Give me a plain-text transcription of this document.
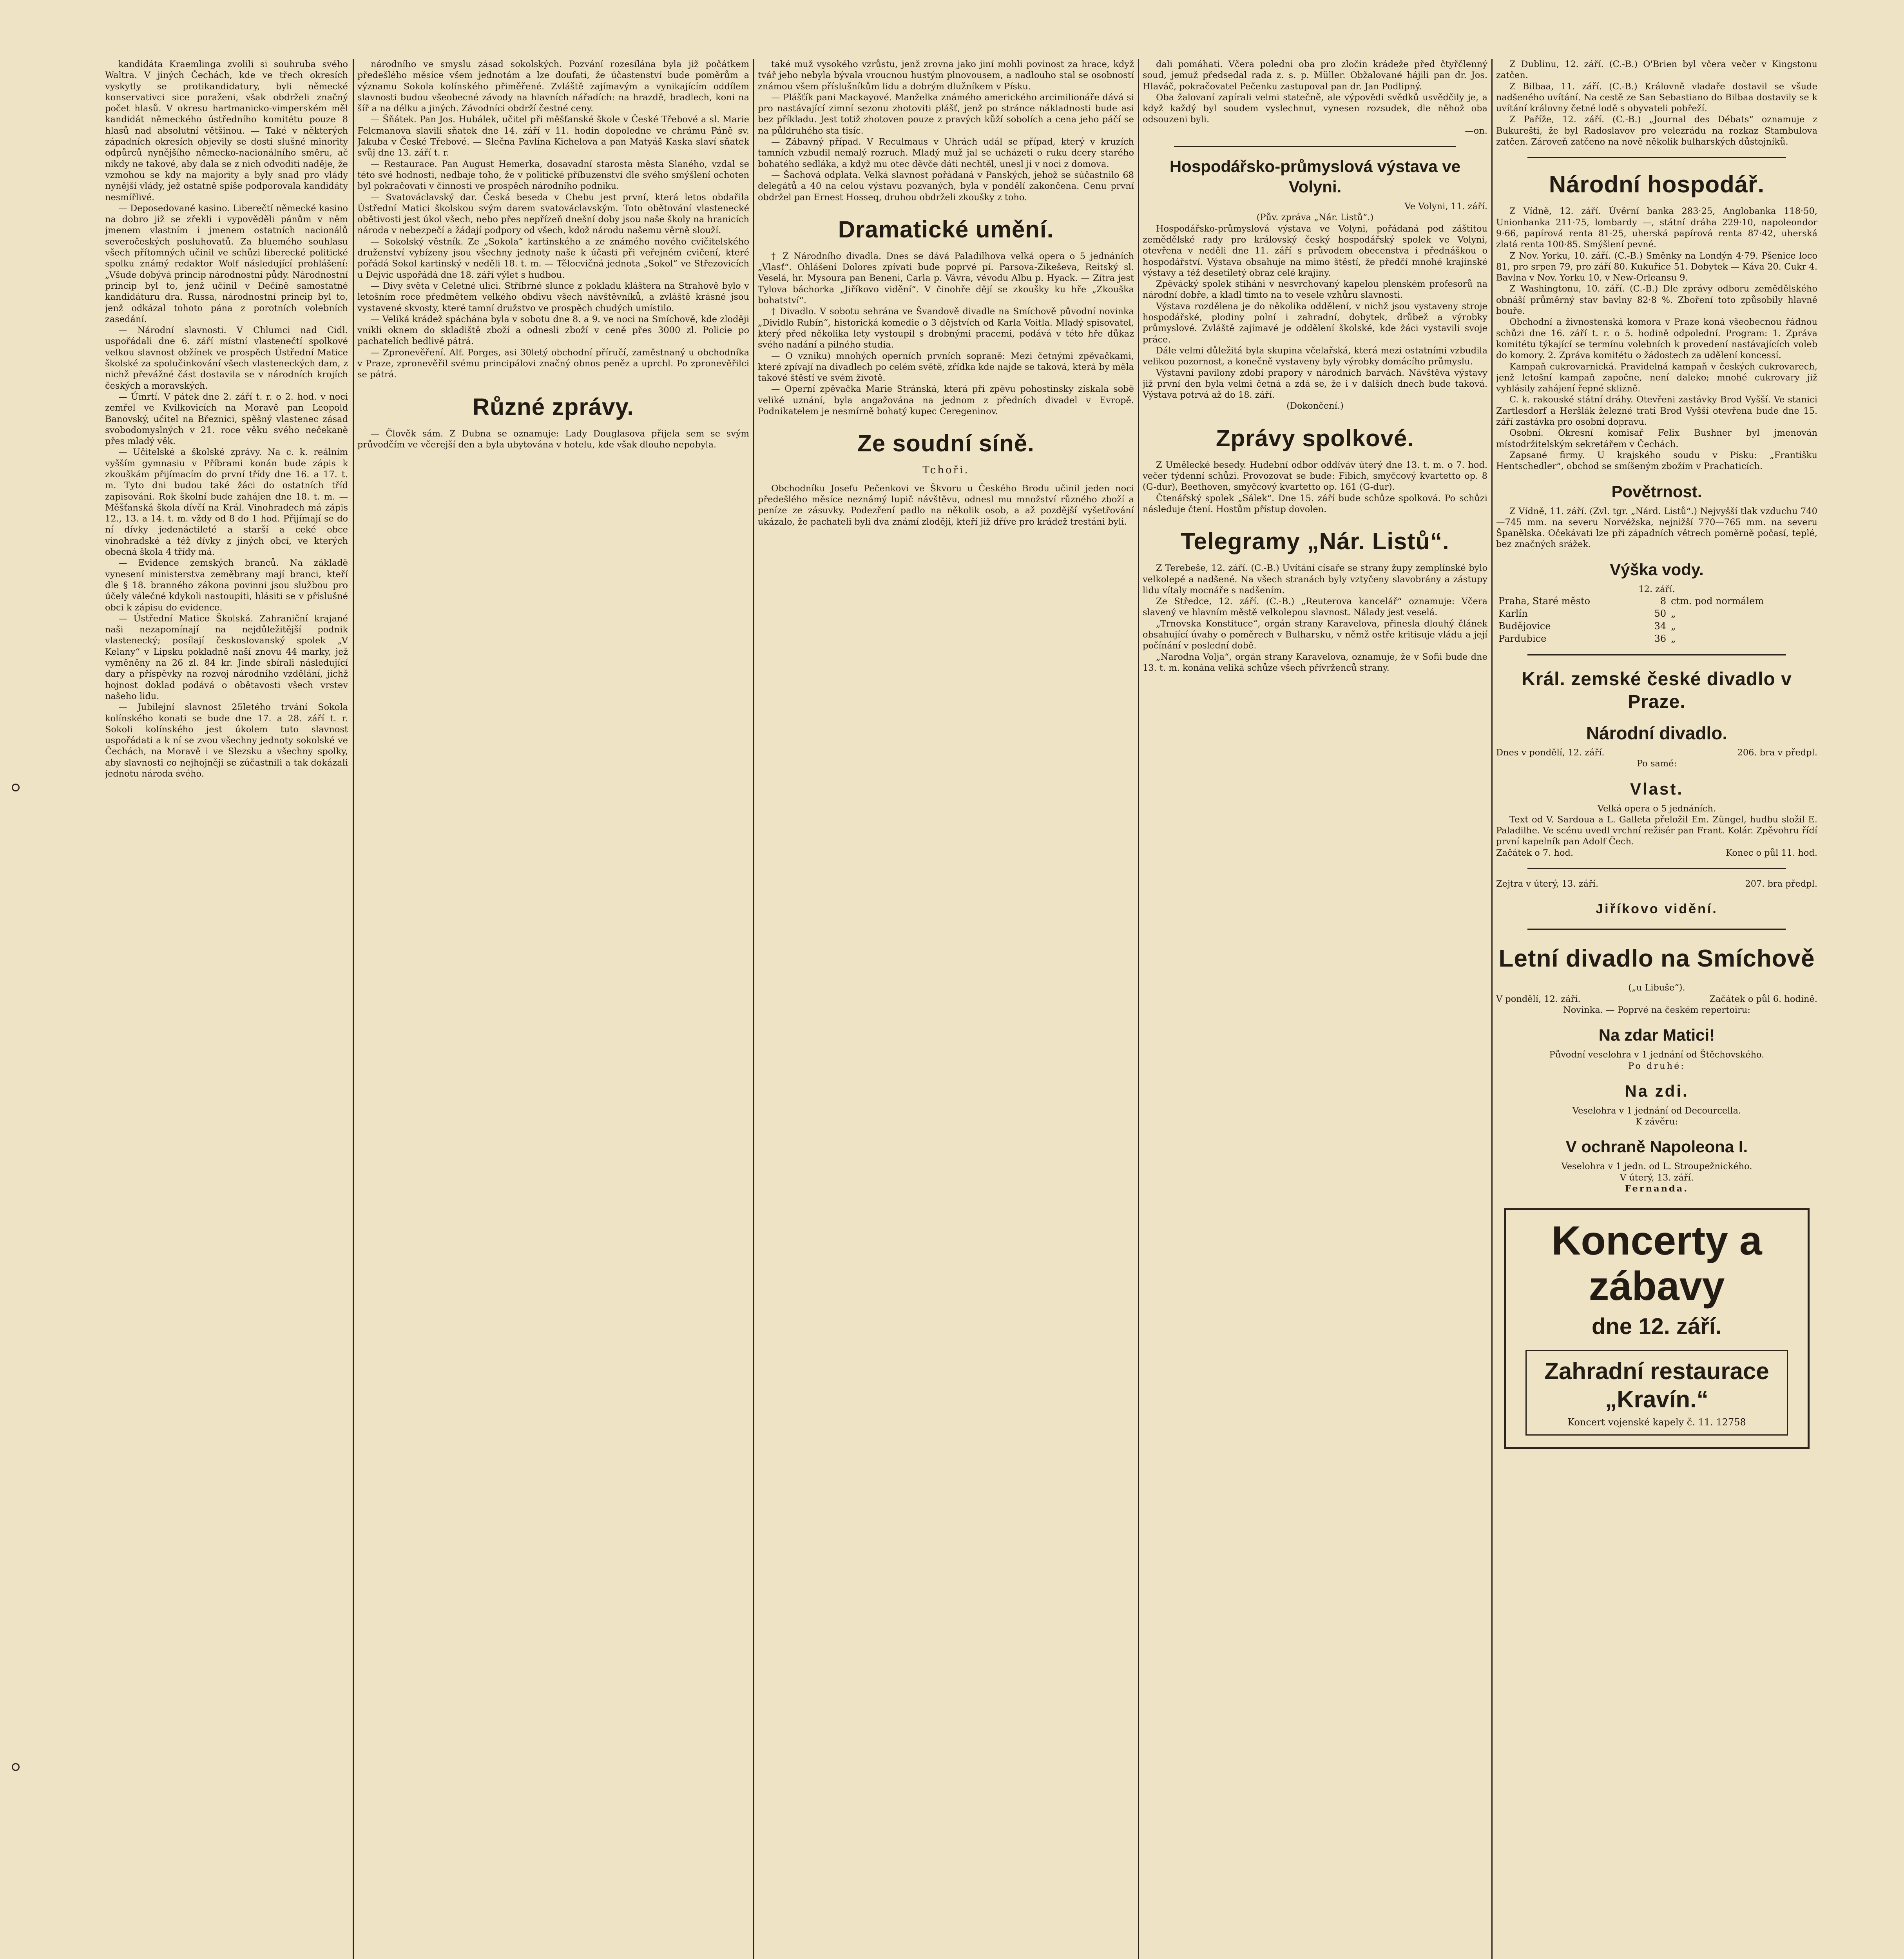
kandidáta Kraemlinga zvolili si souhruba svého Waltra. V jiných Čechách, kde ve třech okresích vyskytly se protikandidatury, byli německé konservativci sice poraženi, však obdrželi značný počet hlasů. V okresu hartmanicko-vimperském měl kandidát německého ústředního komitétu pouze 8 hlasů nad absolutní většinou. — Také v některých západních okresích objevily se dosti slušné minority odpůrců nynějšího německo-nacionálního směru, ač nikdy ne takové, aby dala se z nich odvoditi naděje, že vzmohou se kdy na majority a byly snad pro vlády nynější vlády, jež ostatně spíše podporovala kandidáty nesmířlivé.

— Deposedované kasino. Liberečtí německé kasino na dobro již se zřekli i vypověděli pánům v něm jmenem vlastním i jmenem ostatních nacionálů severočeských posluhovatů. Za bluemého souhlasu všech přítomných učinil ve schůzi liberecké politické spolku známý redaktor Wolf následující prohlášení: „Všude dobývá princip národnostní půdy. Národnostní princip byl to, jenž učinil v Dečíně samostatné kandidáturu dra. Russa, národnostní princip byl to, jenž odkázal tohoto pána z porotních volebních zasedání.

— Národní slavnosti. V Chlumci nad Cidl. uspořádali dne 6. září místní vlastenečtí spolkové velkou slavnost obžínek ve prospěch Ústřední Matice školské za spolučinkování všech vlasteneckých dam, z nichž převážné část dostavila se v národních krojích českých a moravských.

— Úmrtí. V pátek dne 2. září t. r. o 2. hod. v noci zemřel ve Kvilkovicích na Moravě pan Leopold Banovský, učitel na Březnici, spěšný vlastenec zásad svobodomyslných v 21. roce věku svého nečekaně přes mladý věk.

— Učitelské a školské zprávy. Na c. k. reálním vyšším gymnasiu v Příbrami konán bude zápis k zkouškám přijímacím do první třídy dne 16. a 17. t. m. Tyto dni budou také žáci do ostatních tříd zapisováni. Rok školní bude zahájen dne 18. t. m. — Měšťanská škola dívčí na Král. Vinohradech má zápis 12., 13. a 14. t. m. vždy od 8 do 1 hod. Přijímají se do ní dívky jedenáctileté a starší a ceké obce vinohradské a též dívky z jiných obcí, ve kterých obecná škola 4 třídy má.

— Evidence zemských branců. Na základě vynesení ministerstva zeměbrany mají branci, kteří dle § 18. branného zákona povinni jsou službou pro účely válečné kdykoli nastoupiti, hlásiti se v příslušné obci k zápisu do evidence.

— Ústřední Matice Školská. Zahraniční krajané naši nezapomínají na nejdůležitější podnik vlastenecký; posílají českoslovanský spolek „V Kelany“ v Lipsku pokladně naší znovu 44 marky, jež vyměněny na 26 zl. 84 kr. Jinde sbírali následující dary a příspěvky na rozvoj národního vzdělání, jichž hojnost doklad podává o obětavosti všech vrstev našeho lidu.

— Jubilejní slavnost 25letého trvání Sokola kolínského konati se bude dne 17. a 28. září t. r. Sokoli kolínského jest úkolem tuto slavnost uspořádati a k ní se zvou všechny jednoty sokolské ve Čechách, na Moravě i ve Slezsku a všechny spolky, aby slavnosti co nejhojněji se zúčastnili a tak dokázali jednotu národa svého.

národního ve smyslu zásad sokolských. Pozvání rozesílána byla již počátkem předešlého měsíce všem jednotám a lze doufati, že účastenství bude poměrům a významu Sokola kolínského přiměřené. Zvláště zajímavým a vynikajícím oddílem slavnosti budou všeobecné závody na hlavních nářadích: na hrazdě, bradlech, koni na šíř a na délku a jiných. Závodníci obdrží čestné ceny.

— Šňátek. Pan Jos. Hubálek, učitel při měšťanské škole v České Třebové a sl. Marie Felcmanova slavili sňatek dne 14. září v 11. hodin dopoledne ve chrámu Páně sv. Jakuba v České Třebové. — Slečna Pavlína Kichelova a pan Matyáš Kaska slaví sňatek svůj dne 13. září t. r.

— Restaurace. Pan August Hemerka, dosavadní starosta města Slaného, vzdal se této své hodnosti, nedbaje toho, že v politické příbuzenství dle svého smýšlení ochoten byl pokračovati v činnosti ve prospěch národního podniku.

— Svatováclavský dar. Česká beseda v Chebu jest první, která letos obdařila Ústřední Matici školskou svým darem svatováclavským. Toto obětování vlastenecké obětivosti jest úkol všech, nebo přes nepřízeň dnešní doby jsou naše školy na hranicích národa v nebezpečí a žádají podpory od všech, kdož národu našemu věrně slouží.

— Sokolský věstník. Ze „Sokola“ kartinského a ze známého nového cvičitelského druženství vybízeny jsou všechny jednoty naše k účasti při veřejném cvičení, které pořádá Sokol kartinský v neděli 18. t. m. — Tělocvičná jednota „Sokol“ ve Střezovicích u Dejvic uspořádá dne 18. září výlet s hudbou.

— Divy světa v Celetné ulici. Stříbrné slunce z pokladu kláštera na Strahově bylo v letošním roce předmětem velkého obdivu všech návštěvníků, a zvláště krásné jsou vystavené skvosty, které tamní družstvo ve prospěch chudých umístilo.

— Veliká krádež spáchána byla v sobotu dne 8. a 9. ve noci na Smíchově, kde zloději vnikli oknem do skladiště zboží a odnesli zboží v ceně přes 3000 zl. Policie po pachatelích bedlivě pátrá.

— Zpronevěření. Alf. Porges, asi 30letý obchodní příručí, zaměstnaný u obchodníka v Praze, zpronevěřil svému principálovi značný obnos peněz a uprchl. Po zpronevěřilci se pátrá.

Různé zprávy.

— Člověk sám. Z Dubna se oznamuje: Lady Douglasova přijela sem se svým průvodčím ve včerejší den a byla ubytována v hotelu, kde však dlouho nepobyla.

také muž vysokého vzrůstu, jenž zrovna jako jiní mohli povinost za hrace, když tvář jeho nebyla bývala vroucnou hustým plnovousem, a nadlouho stal se osobností známou všem příslušníkům lidu a dobrým dlužníkem v Písku.

— Plášťík pani Mackayové. Manželka známého amerického arcimilionáře dává si pro nastávající zimní sezonu zhotoviti plášť, jenž po stránce nákladnosti bude asi bez příkladu. Jest totiž zhotoven pouze z pravých kůží sobolích a cena jeho páčí se na půldruhého sta tisíc.

— Zábavný případ. V Reculmaus v Uhrách udál se případ, který v kruzích tamních vzbudil nemalý rozruch. Mladý muž jal se ucházeti o ruku dcery starého bohatého sedláka, a když mu otec děvče dáti nechtěl, unesl ji v noci z domova.

— Šachová odplata. Velká slavnost pořádaná v Panských, jehož se súčastnilo 68 delegátů a 40 na celou výstavu pozvaných, byla v pondělí zakončena. Cenu první obdržel pan Ernest Hosseq, druhou obdrželi zkoušky z toho.

Dramatické umění.

† Z Národního divadla. Dnes se dává Paladilhova velká opera o 5 jednáních „Vlasť“. Ohlášení Dolores zpívati bude poprvé pí. Parsova-Zikeševa, Reitský sl. Veselá, hr. Mysoura pan Beneni, Carla p. Vávra, vévodu Albu p. Hyack. — Zítra jest Tylova báchorka „Jiříkovo vidění“. V činohře dějí se zkoušky ku hře „Zkouška bohatství“.

† Divadlo. V sobotu sehrána ve Švandově divadle na Smíchově původní novinka „Dividlo Rubín“, historická komedie o 3 dějstvích od Karla Voitla. Mladý spisovatel, který před několika lety vystoupil s drobnými pracemi, podává v této hře důkaz svého nadání a pilného studia.

— O vzniku) mnohých operních prvních sopraně: Mezi četnými zpěvačkami, které zpívají na divadlech po celém světě, zřídka kde najde se taková, která by měla takové štěstí ve svém životě.

— Operní zpěvačka Marie Stránská, která při zpěvu pohostinsky získala sobě veliké uznání, byla angažována na jednom z předních divadel v Evropě. Podnikatelem je nesmírně bohatý kupec Ceregeninov.

Ze soudní síně.
Tchoři.

Obchodníku Josefu Pečenkovi ve Škvoru u Českého Brodu učinil jeden noci předešlého měsíce neznámý lupič návštěvu, odnesl mu množství různého zboží a peníze ze zásuvky. Podezření padlo na několik osob, a až pozdější vyšetřování ukázalo, že pachateli byli dva známí zloději, kteří již dříve pro krádež trestáni byli.

dali pomáhati. Včera poledni oba pro zločin krádeže před čtyřčlenný soud, jemuž předsedal rada z. s. p. Müller. Obžalované hájili pan dr. Jos. Hlaváč, pokračovatel Pečenku zastupoval pan dr. Jan Podlipný.

Oba žalovaní zapírali velmi statečně, ale výpovědi svědků usvědčily je, a když každý byl soudem vyslechnut, vynesen rozsudek, dle něhož oba odsouzeni byli.

—on.
Hospodářsko-průmyslová výstava ve Volyni.
Ve Volyni, 11. září.
(Pův. zpráva „Nár. Listů“.)

Hospodářsko-průmyslová výstava ve Volyni, pořádaná pod záštitou zemědělské rady pro královský český hospodářský spolek ve Volyni, otevřena v neděli dne 11. září s průvodem obecenstva i přednáškou o hospodářství. Výstava obsahuje na mimo štěstí, že předčí mnohé krajinské výstavy a též desetiletý obraz celé krajiny.

Zpěvácký spolek stiháni v nesvrchovaný kapelou plenském profesorů na národní dobře, a kladl tímto na to vesele vzhůru slavnosti.

Výstava rozdělena je do několika oddělení, v nichž jsou vystaveny stroje hospodářské, plodiny polní i zahradní, dobytek, drůbež a výrobky průmyslové. Zvláště zajímavé je oddělení školské, kde žáci vystavili svoje práce.

Dále velmi důležitá byla skupina včelařská, která mezi ostatními vzbudila velikou pozornost, a konečně vystaveny byly výrobky domácího průmyslu.

Výstavní pavilony zdobí prapory v národních barvách. Návštěva výstavy již první den byla velmi četná a zdá se, že i v dalších dnech bude taková. Výstava potrvá až do 18. září.

(Dokončení.)
Zprávy spolkové.

Z Umělecké besedy. Hudební odbor oddíváv úterý dne 13. t. m. o 7. hod. večer týdenní schůzi. Provozovat se bude: Fibich, smyčcový kvartetto op. 8 (G-dur), Beethoven, smyčcový kvartetto op. 161 (G-dur).

Čtenářský spolek „Sálek“. Dne 15. září bude schůze spolková. Po schůzi následuje čtení. Hostům přístup dovolen.

Telegramy „Nár. Listů“.

Z Terebeše, 12. září. (C.-B.) Uvítání císaře se strany župy zemplínské bylo velkolepé a nadšené. Na všech stranách byly vztyčeny slavobrány a zástupy lidu vítaly mocnáře s nadšením.

Ze Středce, 12. září. (C.-B.) „Reuterova kancelář“ oznamuje: Včera slavený ve hlavním městě velkolepou slavnost. Nálady jest veselá.

„Trnovska Konstituce“, orgán strany Karavelova, přinesla dlouhý článek obsahující úvahy o poměrech v Bulharsku, v němž ostře kritisuje vládu a její počínání v poslední době.

„Narodna Volja“, orgán strany Karavelova, oznamuje, že v Sofii bude dne 13. t. m. konána veliká schůze všech přívrženců strany.

Z Dublinu, 12. září. (C.-B.) O'Brien byl včera večer v Kingstonu zatčen.

Z Bilbaa, 11. září. (C.-B.) Královně vladaře dostavil se všude nadšeného uvítání. Na cestě ze San Sebastiano do Bilbaa dostavily se k uvítání královny četné lodě s obyvateli pobřeží.

Z Paříže, 12. září. (C.-B.) „Journal des Débats“ oznamuje z Bukurešti, že byl Radoslavov pro velezrádu na rozkaz Stambulova zatčen. Zároveň zatčeno na nově několik bulharských důstojníků.

Národní hospodář.

Z Vídně, 12. září. Úvěrní banka 283·25, Anglobanka 118·50, Unionbanka 211·75, lombardy —, státní dráha 229·10, napoleondor 9·66, papírová renta 81·25, uherská papírová renta 87·42, uherská zlatá renta 100·85. Smýšlení pevné.

Z Nov. Yorku, 10. září. (C.-B.) Směnky na Londýn 4·79. Pšenice loco 81, pro srpen 79, pro září 80. Kukuřice 51. Dobytek — Káva 20. Cukr 4. Bavlna v Nov. Yorku 10, v New-Orleansu 9.

Z Washingtonu, 10. září. (C.-B.) Dle zprávy odboru zemědělského obnáší průměrný stav bavlny 82·8 %. Zboření toto způsobily hlavně bouře.

Obchodní a živnostenská komora v Praze koná všeobecnou řádnou schůzi dne 16. září t. r. o 5. hodině odpolední. Program: 1. Zpráva komitétu týkající se termínu volebních k provedení nastávajících voleb do komory. 2. Zpráva komitétu o žádostech za udělení koncessí.

Kampaň cukrovarnická. Pravidelná kampaň v českých cukrovarech, jenž letošní kampaň započne, není daleko; mnohé cukrovary již vyhlásily zahájení řepné sklizně.

C. k. rakouské státní dráhy. Otevřeni zastávky Brod Vyšší. Ve stanici Zartlesdorf a Heršlák železné trati Brod Vyšší otevřena bude dne 15. září zastávka pro osobní dopravu.

Osobní. Okresní komisař Felix Bushner byl jmenován místodržitelským sekretářem v Čechách.

Zapsané firmy. U krajského soudu v Písku: „Františku Hentschedler“, obchod se smíšeným zbožím v Prachaticích.

Povětrnost.

Z Vídně, 11. září. (Zvl. tgr. „Nárd. Listů“.) Nejvyšší tlak vzduchu 740—745 mm. na severu Norvéžska, nejnižší 770—765 mm. na severu Španělska. Očekávati lze při západních větrech poměrně počasí, teplé, bez značných srážek.

Výška vody.
12. září.
Praha, Staré město	8	ctm. pod normálem
Karlín	50	„
Budějovice	34	„
Pardubice	36	„
Král. zemské české divadlo v Praze.
Národní divadlo.
Dnes v pondělí, 12. září.	206. bra v předpl.
Po samé:
Vlast.
Velká opera o 5 jednáních.

Text od V. Sardoua a L. Galleta přeložil Em. Züngel, hudbu složil E. Paladilhe. Ve scénu uvedl vrchní režisér pan Frant. Kolár. Zpěvohru řídí první kapelník pan Adolf Čech.

Začátek o 7. hod.	Konec o půl 11. hod.
Zejtra v úterý, 13. září.	207. bra předpl.
Jiříkovo vidění.
Letní divadlo na Smíchově
(„u Libuše“).
V pondělí, 12. září.	Začátek o půl 6. hodině.
Novinka. — Poprvé na českém repertoiru:
Na zdar Matici!
Původní veselohra v 1 jednání od Štěchovského.
Po druhé:
Na zdi.
Veselohra v 1 jednání od Decourcella.
K závěru:
V ochraně Napoleona I.
Veselohra v 1 jedn. od L. Stroupežnického.
V úterý, 13. září.
Fernanda.
Koncerty a zábavy
dne 12. září.
Zahradní restaurace „Kravín.“
Koncert vojenské kapely č. 11. 12758
